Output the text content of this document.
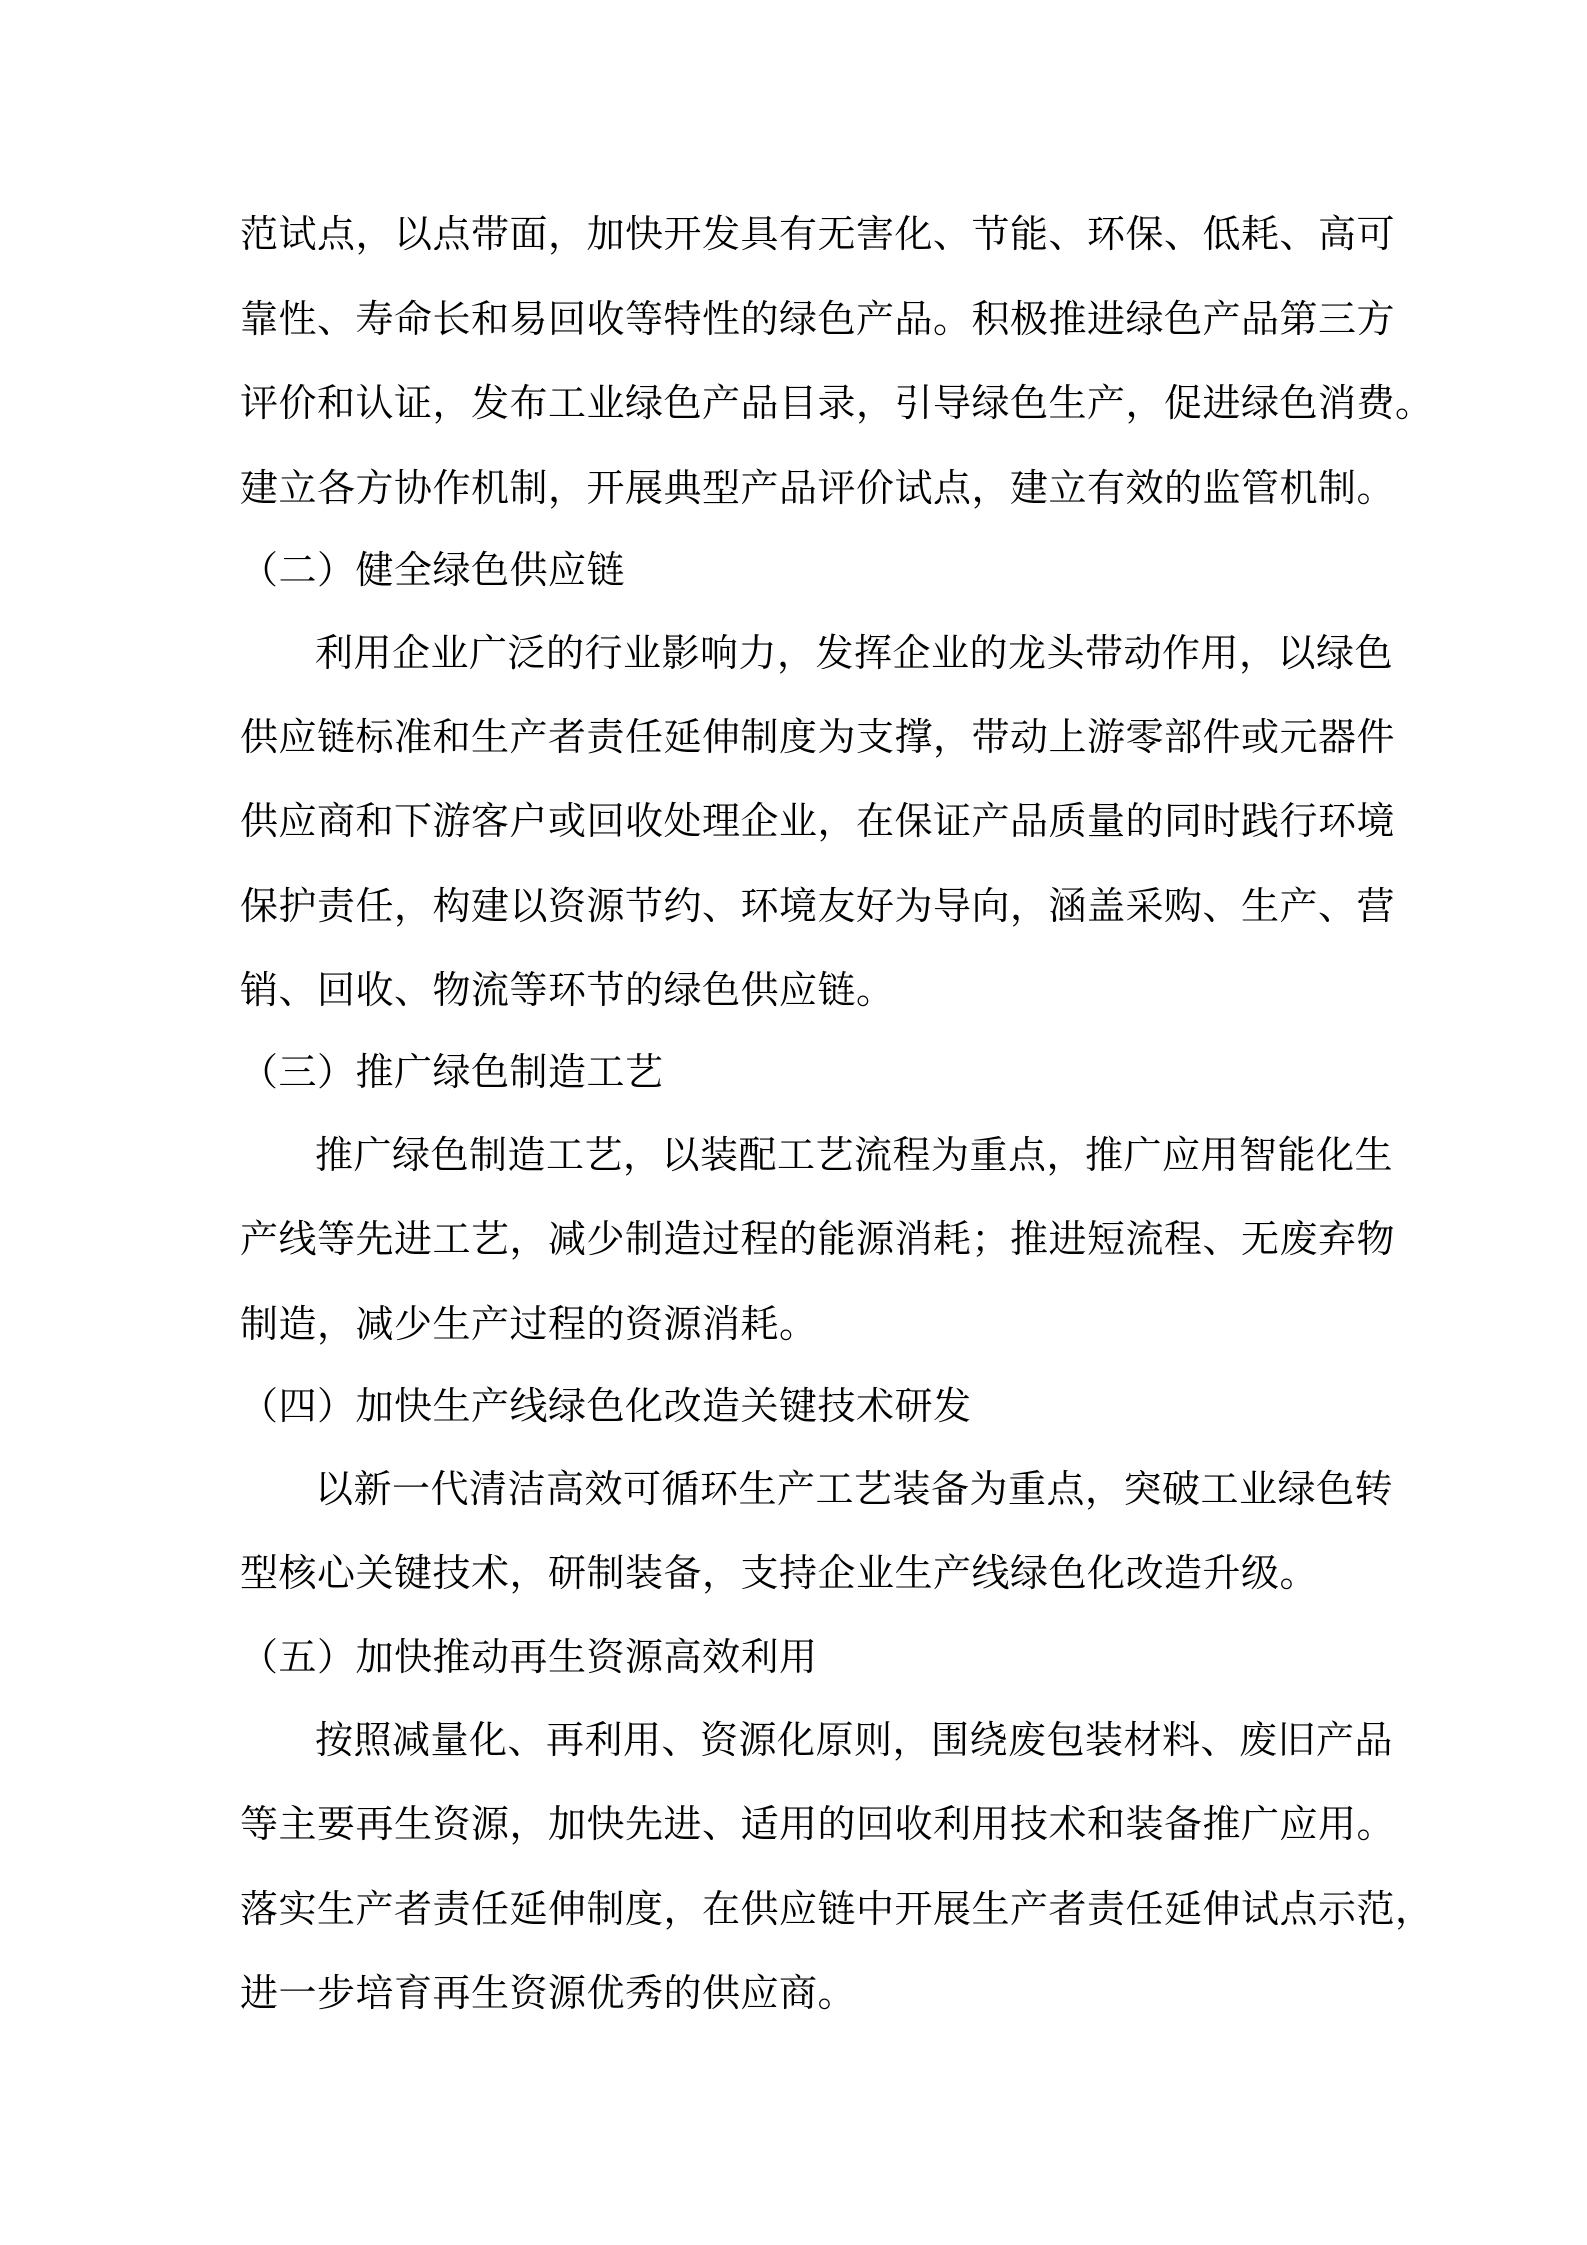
范试点，以点带面，加快开发具有无害化、节能、环保、低耗、高可
靠性、寿命长和易回收等特性的绿色产品。积极推进绿色产品第三方
评价和认证，发布工业绿色产品目录，引导绿色生产，促进绿色消费。
建立各方协作机制，开展典型产品评价试点，建立有效的监管机制。
（二）健全绿色供应链
利用企业广泛的行业影响力，发挥企业的龙头带动作用，以绿色
供应链标准和生产者责任延伸制度为支撑，带动上游零部件或元器件
供应商和下游客户或回收处理企业，在保证产品质量的同时践行环境
保护责任，构建以资源节约、环境友好为导向，涵盖采购、生产、营
销、回收、物流等环节的绿色供应链。
（三）推广绿色制造工艺
推广绿色制造工艺，以装配工艺流程为重点，推广应用智能化生
产线等先进工艺，减少制造过程的能源消耗；推进短流程、无废弃物
制造，减少生产过程的资源消耗。
（四）加快生产线绿色化改造关键技术研发
以新一代清洁高效可循环生产工艺装备为重点，突破工业绿色转
型核心关键技术，研制装备，支持企业生产线绿色化改造升级。
（五）加快推动再生资源高效利用
按照减量化、再利用、资源化原则，围绕废包装材料、废旧产品
等主要再生资源，加快先进、适用的回收利用技术和装备推广应用。
落实生产者责任延伸制度，在供应链中开展生产者责任延伸试点示范，
进一步培育再生资源优秀的供应商。
